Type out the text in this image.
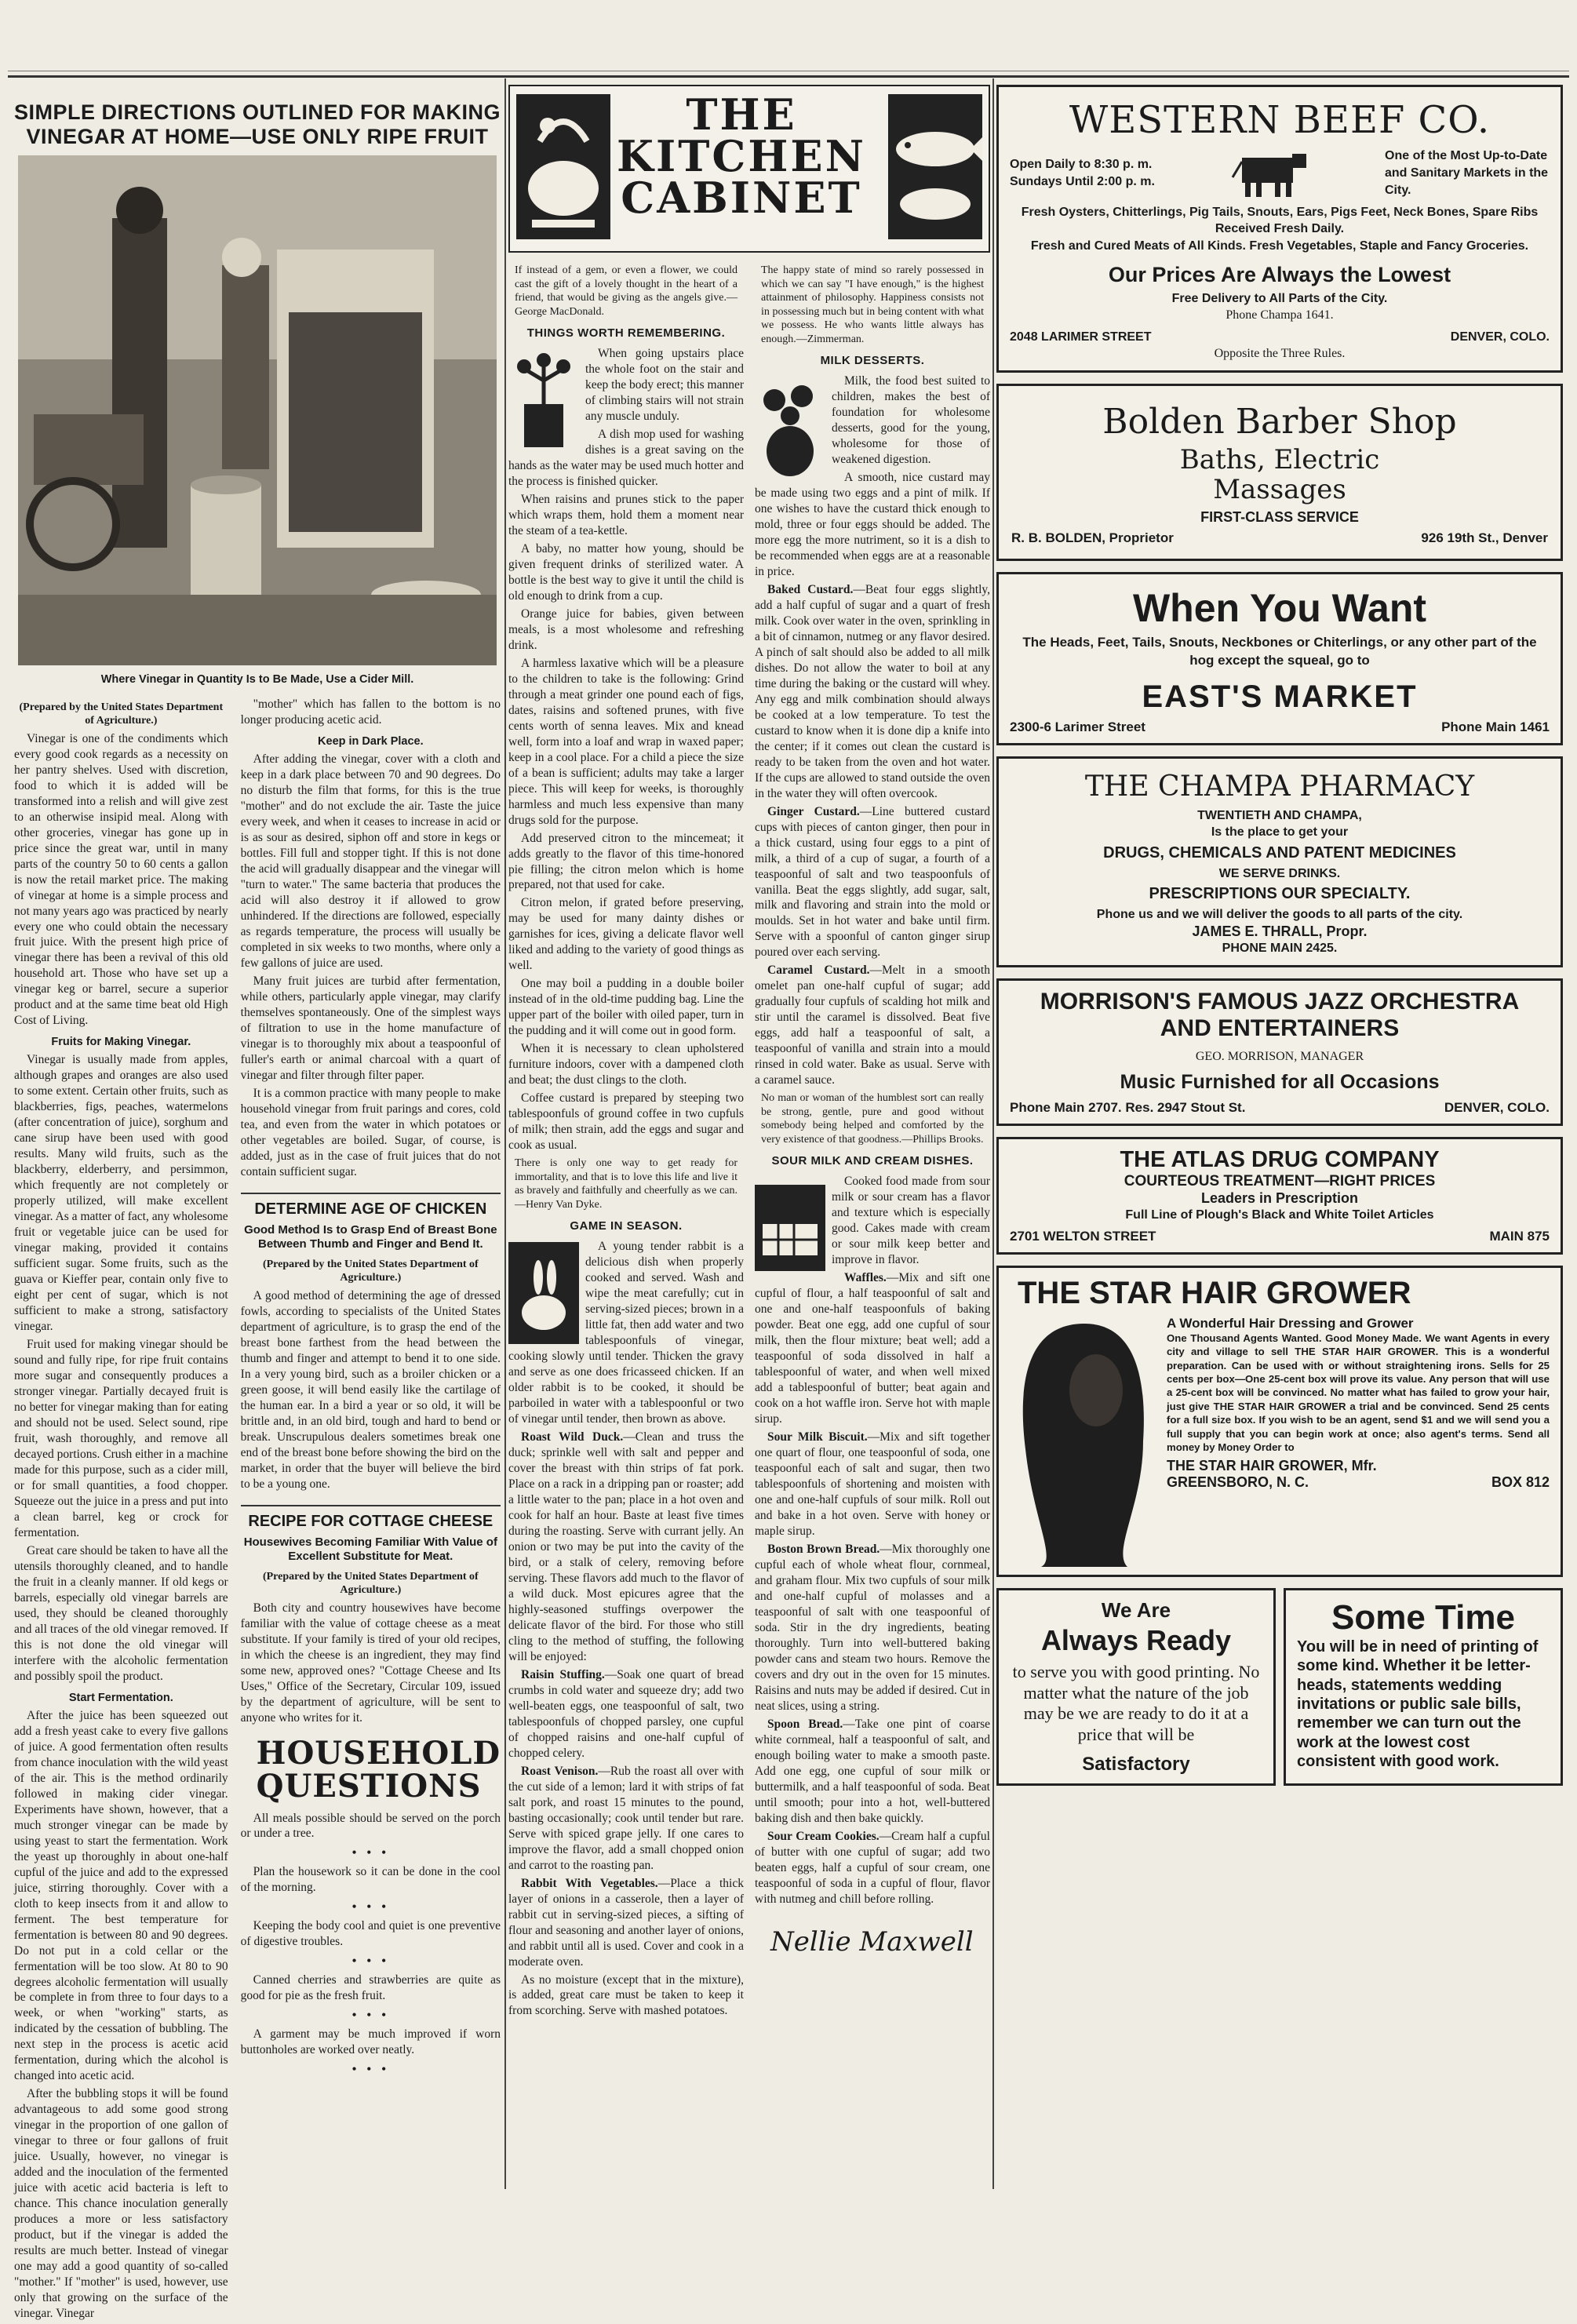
SIMPLE DIRECTIONS OUTLINED FOR MAKING VINEGAR AT HOME—USE ONLY RIPE FRUIT
Where Vinegar in Quantity Is to Be Made, Use a Cider Mill.
(Prepared by the United States Department of Agriculture.)

Vinegar is one of the condiments which every good cook regards as a necessity on her pantry shelves. Used with discretion, food to which it is added will be transformed into a relish and will give zest to an otherwise insipid meal. Along with other groceries, vinegar has gone up in price since the great war, until in many parts of the country 50 to 60 cents a gallon is now the retail market price. The making of vinegar at home is a simple process and not many years ago was practiced by nearly every one who could obtain the necessary fruit juice. With the present high price of vinegar there has been a revival of this old household art. Those who have set up a vinegar keg or barrel, secure a superior product and at the same time beat old High Cost of Living.

Fruits for Making Vinegar.

Vinegar is usually made from apples, although grapes and oranges are also used to some extent. Certain other fruits, such as blackberries, figs, peaches, watermelons (after concentration of juice), sorghum and cane sirup have been used with good results. Many wild fruits, such as the blackberry, elderberry, and persimmon, which frequently are not completely or properly utilized, will make excellent vinegar. As a matter of fact, any wholesome fruit or vegetable juice can be used for vinegar making, provided it contains sufficient sugar. Some fruits, such as the guava or Kieffer pear, contain only five to eight per cent of sugar, which is not sufficient to make a strong, satisfactory vinegar.

Fruit used for making vinegar should be sound and fully ripe, for ripe fruit contains more sugar and consequently produces a stronger vinegar. Partially decayed fruit is no better for vinegar making than for eating and should not be used. Select sound, ripe fruit, wash thoroughly, and remove all decayed portions. Crush either in a machine made for this purpose, such as a cider mill, or for small quantities, a food chopper. Squeeze out the juice in a press and put into a clean barrel, keg or crock for fermentation.

Great care should be taken to have all the utensils thoroughly cleaned, and to handle the fruit in a cleanly manner. If old kegs or barrels, especially old vinegar barrels are used, they should be cleaned thoroughly and all traces of the old vinegar removed. If this is not done the old vinegar will interfere with the alcoholic fermentation and possibly spoil the product.

Start Fermentation.

After the juice has been squeezed out add a fresh yeast cake to every five gallons of juice. A good fermentation often results from chance inoculation with the wild yeast of the air. This is the method ordinarily followed in making cider vinegar. Experiments have shown, however, that a much stronger vinegar can be made by using yeast to start the fermentation. Work the yeast up thoroughly in about one-half cupful of the juice and add to the expressed juice, stirring thoroughly. Cover with a cloth to keep insects from it and allow to ferment. The best temperature for fermentation is between 80 and 90 degrees. Do not put in a cold cellar or the fermentation will be too slow. At 80 to 90 degrees alcoholic fermentation will usually be complete in from three to four days to a week, or when "working" starts, as indicated by the cessation of bubbling. The next step in the process is acetic acid fermentation, during which the alcohol is changed into acetic acid.

After the bubbling stops it will be found advantageous to add some good strong vinegar in the proportion of one gallon of vinegar to three or four gallons of fruit juice. Usually, however, no vinegar is added and the inoculation of the fermented juice with acetic acid bacteria is left to chance. This chance inoculation generally produces a more or less satisfactory product, but if the vinegar is added the results are much better. Instead of vinegar one may add a good quantity of so-called "mother." If "mother" is used, however, use only that growing on the surface of the vinegar. Vinegar

"mother" which has fallen to the bottom is no longer producing acetic acid.

Keep in Dark Place.

After adding the vinegar, cover with a cloth and keep in a dark place between 70 and 90 degrees. Do no disturb the film that forms, for this is the true "mother" and do not exclude the air. Taste the juice every week, and when it ceases to increase in acid or is as sour as desired, siphon off and store in kegs or bottles. Fill full and stopper tight. If this is not done the acid will gradually disappear and the vinegar will "turn to water." The same bacteria that produces the acid will also destroy it if allowed to grow unhindered. If the directions are followed, especially as regards temperature, the process will usually be completed in six weeks to two months, where only a few gallons of juice are used.

Many fruit juices are turbid after fermentation, while others, particularly apple vinegar, may clarify themselves spontaneously. One of the simplest ways of filtration to use in the home manufacture of vinegar is to thoroughly mix about a teaspoonful of fuller's earth or animal charcoal with a quart of vinegar and filter through filter paper.

It is a common practice with many people to make household vinegar from fruit parings and cores, cold tea, and even from the water in which potatoes or other vegetables are boiled. Sugar, of course, is added, just as in the case of fruit juices that do not contain sufficient sugar.

DETERMINE AGE OF CHICKEN
Good Method Is to Grasp End of Breast Bone Between Thumb and Finger and Bend It.
(Prepared by the United States Department of Agriculture.)

A good method of determining the age of dressed fowls, according to specialists of the United States department of agriculture, is to grasp the end of the breast bone farthest from the head between the thumb and finger and attempt to bend it to one side. In a very young bird, such as a broiler chicken or a green goose, it will bend easily like the cartilage of the human ear. In a bird a year or so old, it will be brittle and, in an old bird, tough and hard to bend or break. Unscrupulous dealers sometimes break one end of the breast bone before showing the bird on the market, in order that the buyer will believe the bird to be a young one.

RECIPE FOR COTTAGE CHEESE
Housewives Becoming Familiar With Value of Excellent Substitute for Meat.
(Prepared by the United States Department of Agriculture.)

Both city and country housewives have become familiar with the value of cottage cheese as a meat substitute. If your family is tired of your old recipes, in which the cheese is an ingredient, they may find some new, approved ones? "Cottage Cheese and Its Uses," Office of the Secretary, Circular 109, issued by the department of agriculture, will be sent to anyone who writes for it.

HOUSEHOLD QUESTIONS

All meals possible should be served on the porch or under a tree.

• • •

Plan the housework so it can be done in the cool of the morning.

• • •

Keeping the body cool and quiet is one preventive of digestive troubles.

• • •

Canned cherries and strawberries are quite as good for pie as the fresh fruit.

• • •

A garment may be much improved if worn buttonholes are worked over neatly.

• • •
THE
KITCHEN
CABINET
If instead of a gem, or even a flower, we could cast the gift of a lovely thought in the heart of a friend, that would be giving as the angels give.—George MacDonald.
THINGS WORTH REMEMBERING.

When going upstairs place the whole foot on the stair and keep the body erect; this manner of climbing stairs will not strain any muscle unduly.

A dish mop used for washing dishes is a great saving on the hands as the water may be used much hotter and the process is finished quicker.

When raisins and prunes stick to the paper which wraps them, hold them a moment near the steam of a tea-kettle.

A baby, no matter how young, should be given frequent drinks of sterilized water. A bottle is the best way to give it until the child is old enough to drink from a cup.

Orange juice for babies, given between meals, is a most wholesome and refreshing drink.

A harmless laxative which will be a pleasure to the children to take is the following: Grind through a meat grinder one pound each of figs, dates, raisins and softened prunes, with five cents worth of senna leaves. Mix and knead well, form into a loaf and wrap in waxed paper; keep in a cool place. For a child a piece the size of a bean is sufficient; adults may take a larger piece. This will keep for weeks, is thoroughly harmless and much less expensive than many drugs sold for the purpose.

Add preserved citron to the mincemeat; it adds greatly to the flavor of this time-honored pie filling; the citron melon which is home prepared, not that used for cake.

Citron melon, if grated before preserving, may be used for many dainty dishes or garnishes for ices, giving a delicate flavor well liked and adding to the variety of good things as well.

One may boil a pudding in a double boiler instead of in the old-time pudding bag. Line the upper part of the boiler with oiled paper, turn in the pudding and it will come out in good form.

When it is necessary to clean upholstered furniture indoors, cover with a dampened cloth and beat; the dust clings to the cloth.

Coffee custard is prepared by steeping two tablespoonfuls of ground coffee in two cupfuls of milk; then strain, add the eggs and sugar and cook as usual.

There is only one way to get ready for immortality, and that is to love this life and live it as bravely and faithfully and cheerfully as we can.—Henry Van Dyke.
GAME IN SEASON.

A young tender rabbit is a delicious dish when properly cooked and served. Wash and wipe the meat carefully; cut in serving-sized pieces; brown in a little fat, then add water and two tablespoonfuls of vinegar, cooking slowly until tender. Thicken the gravy and serve as one does fricasseed chicken. If an older rabbit is to be cooked, it should be parboiled in water with a tablespoonful or two of vinegar until tender, then brown as above.

Roast Wild Duck.—Clean and truss the duck; sprinkle well with salt and pepper and cover the breast with thin strips of fat pork. Place on a rack in a dripping pan or roaster; add a little water to the pan; place in a hot oven and cook for half an hour. Baste at least five times during the roasting. Serve with currant jelly. An onion or two may be put into the cavity of the bird, or a stalk of celery, removing before serving. These flavors add much to the flavor of a wild duck. Most epicures agree that the highly-seasoned stuffings overpower the delicate flavor of the bird. For those who still cling to the method of stuffing, the following will be enjoyed:

Raisin Stuffing.—Soak one quart of bread crumbs in cold water and squeeze dry; add two well-beaten eggs, one teaspoonful of salt, two tablespoonfuls of chopped parsley, one cupful of chopped raisins and one-half cupful of chopped celery.

Roast Venison.—Rub the roast all over with the cut side of a lemon; lard it with strips of fat salt pork, and roast 15 minutes to the pound, basting occasionally; cook until tender but rare. Serve with spiced grape jelly. If one cares to improve the flavor, add a small chopped onion and carrot to the roasting pan.

Rabbit With Vegetables.—Place a thick layer of onions in a casserole, then a layer of rabbit cut in serving-sized pieces, a sifting of flour and seasoning and another layer of onions, and rabbit until all is used. Cover and cook in a moderate oven.

As no moisture (except that in the mixture), is added, great care must be taken to keep it from scorching. Serve with mashed potatoes.

The happy state of mind so rarely possessed in which we can say "I have enough," is the highest attainment of philosophy. Happiness consists not in possessing much but in being content with what we possess. He who wants little always has enough.—Zimmerman.
MILK DESSERTS.

Milk, the food best suited to children, makes the best of foundation for wholesome desserts, good for the young, wholesome for those of weakened digestion.

A smooth, nice custard may be made using two eggs and a pint of milk. If one wishes to have the custard thick enough to mold, three or four eggs should be added. The more egg the more nutriment, so it is a dish to be recommended when eggs are at a reasonable in price.

Baked Custard.—Beat four eggs slightly, add a half cupful of sugar and a quart of fresh milk. Cook over water in the oven, sprinkling in a bit of cinnamon, nutmeg or any flavor desired. A pinch of salt should also be added to all milk dishes. Do not allow the water to boil at any time during the baking or the custard will whey. Any egg and milk combination should always be cooked at a low temperature. To test the custard to know when it is done dip a knife into the center; if it comes out clean the custard is ready to be taken from the oven and hot water. If the cups are allowed to stand outside the oven in the water they will often overcook.

Ginger Custard.—Line buttered custard cups with pieces of canton ginger, then pour in a thick custard, using four eggs to a pint of milk, a third of a cup of sugar, a fourth of a teaspoonful of salt and two teaspoonfuls of vanilla. Beat the eggs slightly, add sugar, salt, milk and flavoring and strain into the mold or moulds. Set in hot water and bake until firm. Serve with a spoonful of canton ginger sirup poured over each serving.

Caramel Custard.—Melt in a smooth omelet pan one-half cupful of sugar; add gradually four cupfuls of scalding hot milk and stir until the caramel is dissolved. Beat five eggs, add half a teaspoonful of salt, a teaspoonful of vanilla and strain into a mould rinsed in cold water. Bake as usual. Serve with a caramel sauce.

No man or woman of the humblest sort can really be strong, gentle, pure and good without somebody being helped and comforted by the very existence of that goodness.—Phillips Brooks.
SOUR MILK AND CREAM DISHES.

Cooked food made from sour milk or sour cream has a flavor and texture which is especially good. Cakes made with cream or sour milk keep better and improve in flavor.

Waffles.—Mix and sift one cupful of flour, a half teaspoonful of salt and one and one-half teaspoonfuls of baking powder. Beat one egg, add one cupful of sour milk, then the flour mixture; beat well; add a teaspoonful of soda dissolved in half a tablespoonful of water, and when well mixed add a tablespoonful of butter; beat again and cook on a hot waffle iron. Serve hot with maple sirup.

Sour Milk Biscuit.—Mix and sift together one quart of flour, one teaspoonful of soda, one teaspoonful each of salt and sugar, then two tablespoonfuls of shortening and moisten with one and one-half cupfuls of sour milk. Roll out and bake in a hot oven. Serve with honey or maple sirup.

Boston Brown Bread.—Mix thoroughly one cupful each of whole wheat flour, cornmeal, and graham flour. Mix two cupfuls of sour milk and one-half cupful of molasses and a teaspoonful of salt with one teaspoonful of soda. Stir in the dry ingredients, beating thoroughly. Turn into well-buttered baking powder cans and steam two hours. Remove the covers and dry out in the oven for 15 minutes. Raisins and nuts may be added if desired. Cut in neat slices, using a string.

Spoon Bread.—Take one pint of coarse white cornmeal, half a teaspoonful of salt, and enough boiling water to make a smooth paste. Add one egg, one cupful of sour milk or buttermilk, and a half teaspoonful of soda. Beat until smooth; pour into a hot, well-buttered baking dish and then bake quickly.

Sour Cream Cookies.—Cream half a cupful of butter with one cupful of sugar; add two beaten eggs, half a cupful of sour cream, one teaspoonful of soda in a cupful of flour, flavor with nutmeg and chill before rolling.

Nellie Maxwell
WESTERN BEEF CO.
Open Daily to 8:30 p. m.
Sundays Until 2:00 p. m.
One of the Most Up-to-Date and Sanitary Markets in the City.
Fresh Oysters, Chitterlings, Pig Tails, Snouts, Ears, Pigs Feet, Neck Bones, Spare Ribs Received Fresh Daily.
Fresh and Cured Meats of All Kinds. Fresh Vegetables, Staple and Fancy Groceries.
Our Prices Are Always the Lowest
Free Delivery to All Parts of the City.
Phone Champa 1641.
2048 LARIMER STREET	DENVER, COLO.
Opposite the Three Rules.
Bolden Barber Shop
Baths, Electric
Massages
FIRST-CLASS SERVICE
R. B. BOLDEN, Proprietor	926 19th St., Denver
When You Want
The Heads, Feet, Tails, Snouts, Neckbones or Chiterlings, or any other part of the hog except the squeal, go to
EAST'S MARKET
2300-6 Larimer Street	Phone Main 1461
THE CHAMPA PHARMACY
TWENTIETH AND CHAMPA,
Is the place to get your
DRUGS, CHEMICALS AND PATENT MEDICINES
WE SERVE DRINKS.
PRESCRIPTIONS OUR SPECIALTY.
Phone us and we will deliver the goods to all parts of the city.
JAMES E. THRALL, Propr.
PHONE MAIN 2425.
MORRISON'S FAMOUS JAZZ ORCHESTRA
AND ENTERTAINERS
GEO. MORRISON, MANAGER
Music Furnished for all Occasions
Phone Main 2707. Res. 2947 Stout St.	DENVER, COLO.
THE ATLAS DRUG COMPANY
COURTEOUS TREATMENT—RIGHT PRICES
Leaders in Prescription
Full Line of Plough's Black and White Toilet Articles
2701 WELTON STREET	MAIN 875
THE STAR HAIR GROWER
A Wonderful Hair Dressing and Grower
One Thousand Agents Wanted. Good Money Made. We want Agents in every city and village to sell THE STAR HAIR GROWER. This is a wonderful preparation. Can be used with or without straightening irons. Sells for 25 cents per box—One 25-cent box will prove its value. Any person that will use a 25-cent box will be convinced. No matter what has failed to grow your hair, just give THE STAR HAIR GROWER a trial and be convinced. Send 25 cents for a full size box. If you wish to be an agent, send $1 and we will send you a full supply that you can begin work at once; also agent's terms. Send all money by Money Order to
THE STAR HAIR GROWER, Mfr.
GREENSBORO, N. C.	BOX 812
We Are
Always Ready
to serve you with good printing. No matter what the nature of the job may be we are ready to do it at a price that will be
Satisfactory
Some Time
You will be in need of printing of some kind. Whether it be letter-heads, statements wedding invitations or public sale bills, remember we can turn out the work at the lowest cost consistent with good work.
